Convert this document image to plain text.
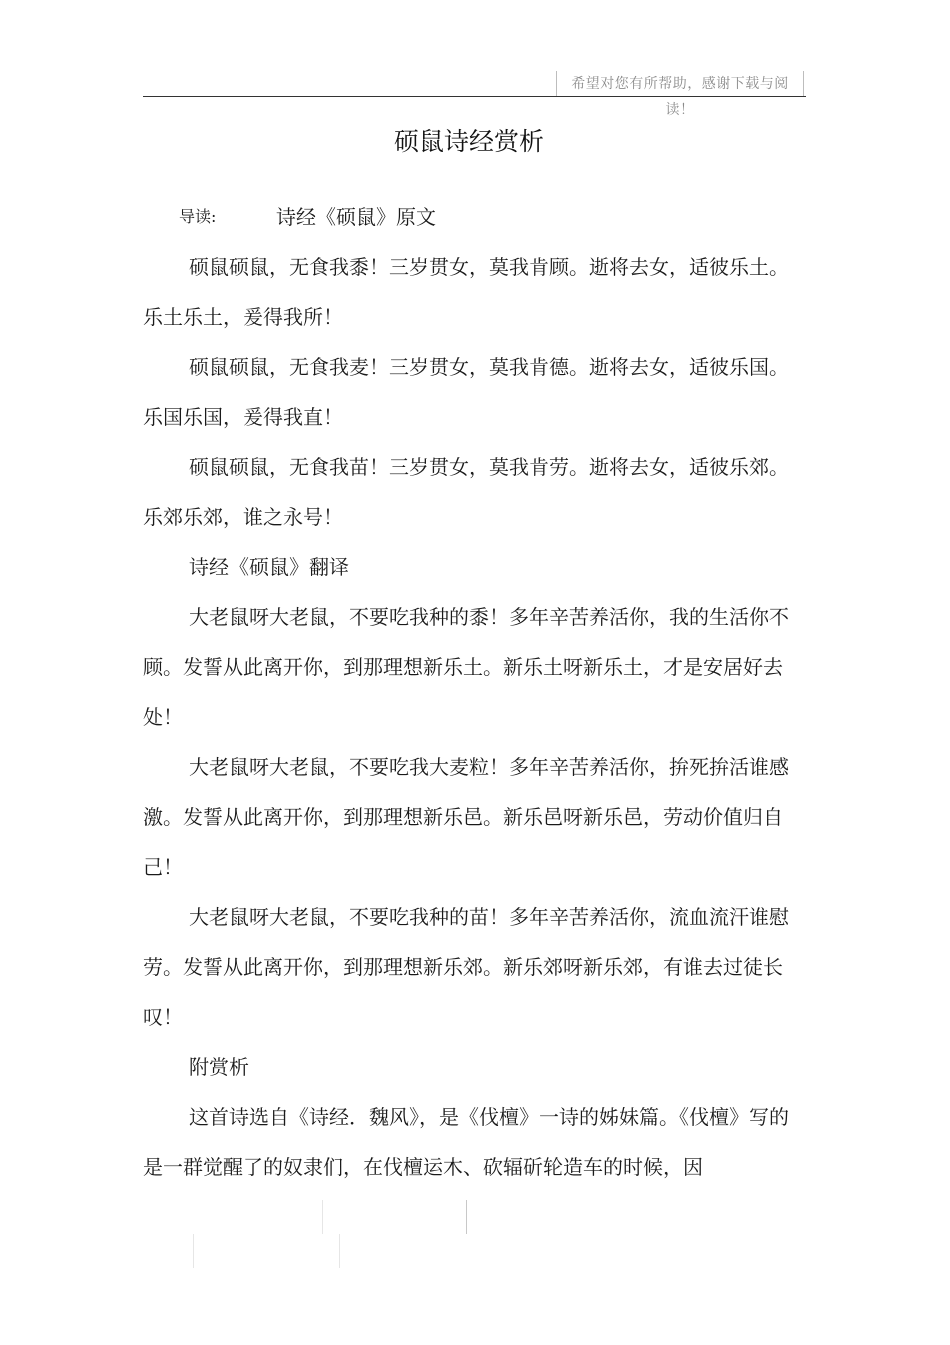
希望对您有所帮助，感谢下载与阅读！
硕鼠诗经赏析
导读:	诗经《硕鼠》原文

硕鼠硕鼠，无食我黍！三岁贯女，莫我肯顾。逝将去女，适彼乐土。乐土乐土，爰得我所！

硕鼠硕鼠，无食我麦！三岁贯女，莫我肯德。逝将去女，适彼乐国。乐国乐国，爰得我直！

硕鼠硕鼠，无食我苗！三岁贯女，莫我肯劳。逝将去女，适彼乐郊。乐郊乐郊，谁之永号！

诗经《硕鼠》翻译

大老鼠呀大老鼠，不要吃我种的黍！多年辛苦养活你，我的生活你不顾。发誓从此离开你，到那理想新乐土。新乐土呀新乐土，才是安居好去处！

大老鼠呀大老鼠，不要吃我大麦粒！多年辛苦养活你，拚死拚活谁感激。发誓从此离开你，到那理想新乐邑。新乐邑呀新乐邑，劳动价值归自己！

大老鼠呀大老鼠，不要吃我种的苗！多年辛苦养活你，流血流汗谁慰劳。发誓从此离开你，到那理想新乐郊。新乐郊呀新乐郊，有谁去过徒长叹！

附赏析

这首诗选自《诗经．魏风》，是《伐檀》一诗的姊妹篇。《伐檀》写的是一群觉醒了的奴隶们，在伐檀运木、砍辐斫轮造车的时候，因
